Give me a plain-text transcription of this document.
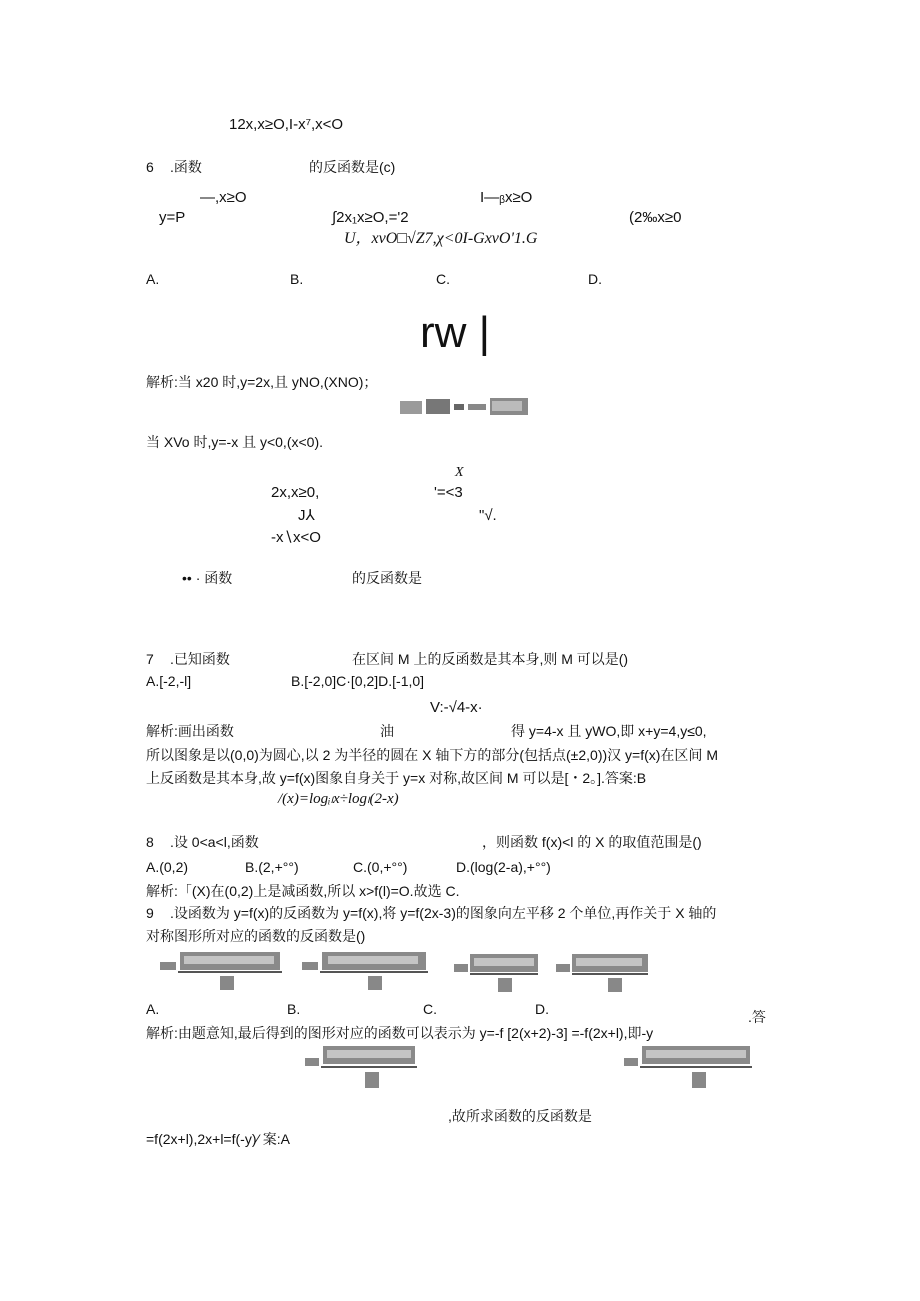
12x,x≥O,I-x⁷,x<O
6 .函数	的反函数是(c)
—,x≥O	I—ᵦx≥O
y=P	∫2x₁x≥O,='2	(2‰x≥0
U，xvO□√Z7,χ<0I-GxvO'1.G
A.	B.	C.	D.
rw |
解析:当 x20 时,y=2x,且 yNO,(XNO)；
当 XVo 时,y=-x 且 y<0,(x<0).
X
2x,x≥0,	'=<3
J⅄	"√.
-x∖x<O
•• · 函数	的反函数是
7 .已知函数	在区间 M 上的反函数是其本身,则 M 可以是()
A.[-2,-l]	B.[-2,0]C·[0,2]D.[-1,0]
V:-√4-x·
解析:画出函数	油	得 y=4-x 且 yWO,即 x+y=4,y≤0,
所以图象是以(0,0)为圆心,以 2 为半径的圆在 X 轴下方的部分(包括点(±2,0))汉 y=f(x)在区间 M
上反函数是其本身,故 y=f(x)图象自身关于 y=x 对称,故区间 M 可以是[・2。].答案:B
/(x)=logᵢₗx÷logₗ(2-x)
8 .设 0<a<l,函数	，则函数 f(x)<l 的 X 的取值范围是()
A.(0,2)	B.(2,+°°)	C.(0,+°°)	D.(log(2-a),+°°)
解析:「(X)在(0,2)上是减函数,所以 x>f(l)=O.故选 C.
9 .设函数为 y=f(x)的反函数为 y=f(x),将 y=f(2x-3)的图象向左平移 2 个单位,再作关于 X 轴的
对称图形所对应的函数的反函数是()
A.	B.	C.	D.	.答
解析:由题意知,最后得到的图形对应的函数可以表示为 y=-f [2(x+2)-3] =-f(2x+l),即-y
,故所求函数的反函数是
=f(2x+l),2x+l=f(-y)⁄ 案:A
